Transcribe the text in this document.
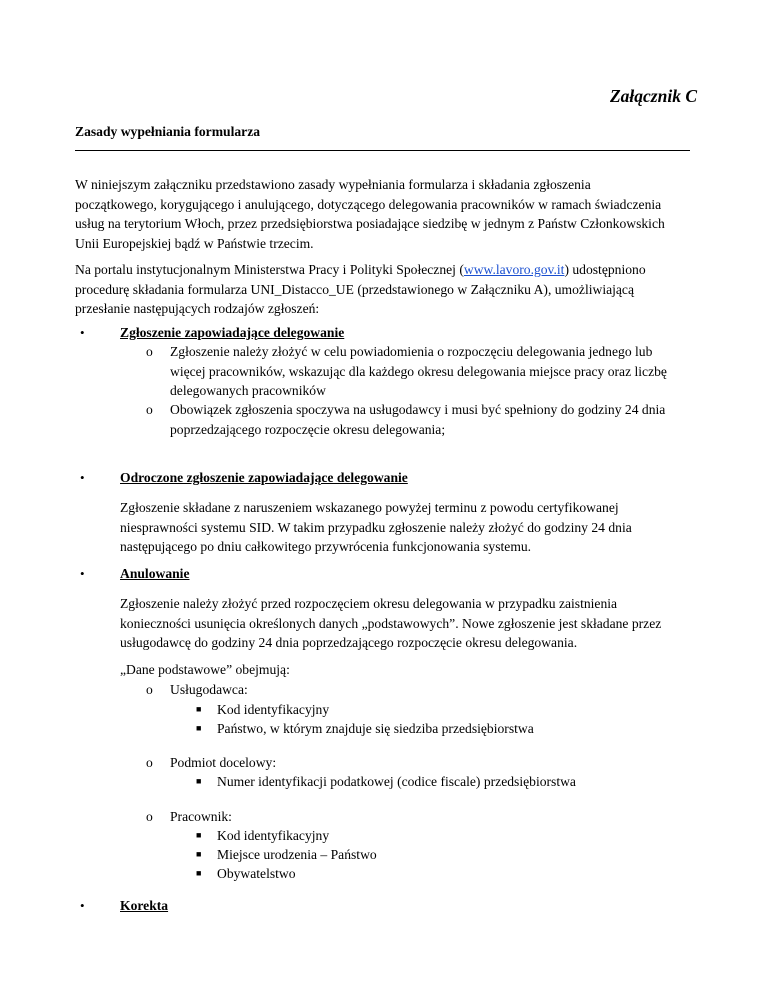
Załącznik C
Zasady wypełniania formularza
W niniejszym załączniku przedstawiono zasady wypełniania formularza i składania zgłoszenia
początkowego, korygującego i anulującego, dotyczącego delegowania pracowników w ramach świadczenia
usług na terytorium Włoch, przez przedsiębiorstwa posiadające siedzibę w jednym z Państw Członkowskich
Unii Europejskiej bądź w Państwie trzecim.
Na portalu instytucjonalnym Ministerstwa Pracy i Polityki Społecznej (www.lavoro.gov.it) udostępniono
procedurę składania formularza UNI_Distacco_UE (przedstawionego w Załączniku A), umożliwiającą
przesłanie następujących rodzajów zgłoszeń:
•	Zgłoszenie zapowiadające delegowanie
o Zgłoszenie należy złożyć w celu powiadomienia o rozpoczęciu delegowania jednego lub
więcej pracowników, wskazując dla każdego okresu delegowania miejsce pracy oraz liczbę
delegowanych pracowników
o Obowiązek zgłoszenia spoczywa na usługodawcy i musi być spełniony do godziny 24 dnia
poprzedzającego rozpoczęcie okresu delegowania;
•	Odroczone zgłoszenie zapowiadające delegowanie
Zgłoszenie składane z naruszeniem wskazanego powyżej terminu z powodu certyfikowanej
niesprawności systemu SID. W takim przypadku zgłoszenie należy złożyć do godziny 24 dnia
następującego po dniu całkowitego przywrócenia funkcjonowania systemu.
•	Anulowanie
Zgłoszenie należy złożyć przed rozpoczęciem okresu delegowania w przypadku zaistnienia
konieczności usunięcia określonych danych „podstawowych”. Nowe zgłoszenie jest składane przez
usługodawcę do godziny 24 dnia poprzedzającego rozpoczęcie okresu delegowania.
„Dane podstawowe” obejmują:
o Usługodawca:
■ Kod identyfikacyjny
■ Państwo, w którym znajduje się siedziba przedsiębiorstwa
o Podmiot docelowy:
■ Numer identyfikacji podatkowej (codice fiscale) przedsiębiorstwa
o Pracownik:
■ Kod identyfikacyjny
■ Miejsce urodzenia – Państwo
■ Obywatelstwo
•	Korekta
